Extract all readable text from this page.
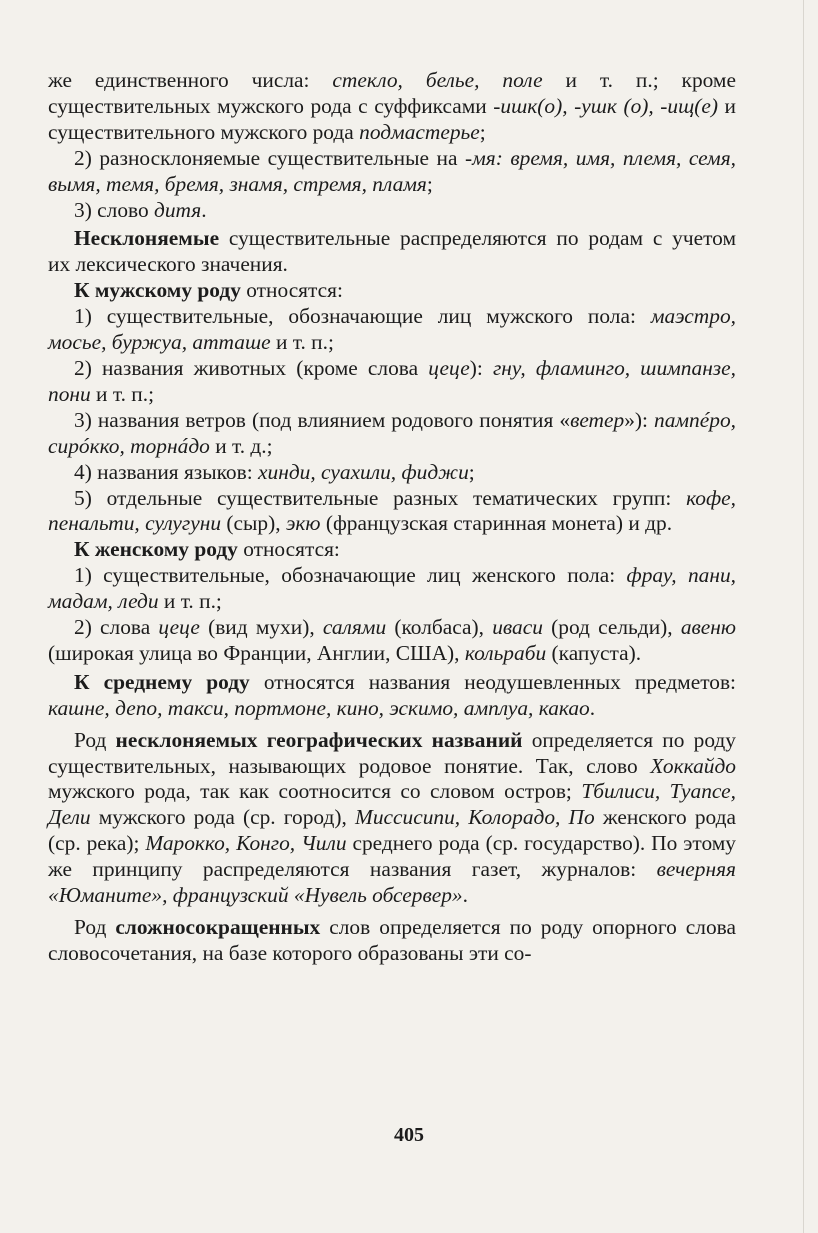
же единственного числа: стекло, белье, поле и т. п.; кроме существительных мужского рода с суффиксами -ишк(о), -ушк (о), -ищ(е) и существительного мужского рода подмастерье;

2) разносклоняемые существительные на -мя: время, имя, племя, семя, вымя, темя, бремя, знамя, стремя, пламя;

3) слово дитя.

Несклоняемые существительные распределяются по родам с учетом их лексического значения.

К мужскому роду относятся:

1) существительные, обозначающие лиц мужского пола: маэстро, мосье, буржуа, атташе и т. п.;

2) названия животных (кроме слова цеце): гну, фламинго, шимпанзе, пони и т. п.;

3) названия ветров (под влиянием родового понятия «ветер»): пампéро, сирóкко, торнáдо и т. д.;

4) названия языков: хинди, суахили, фиджи;

5) отдельные существительные разных тематических групп: кофе, пенальти, сулугуни (сыр), экю (французская старинная монета) и др.

К женскому роду относятся:

1) существительные, обозначающие лиц женского пола: фрау, пани, мадам, леди и т. п.;

2) слова цеце (вид мухи), салями (колбаса), иваси (род сельди), авеню (широкая улица во Франции, Англии, США), кольраби (капуста).

К среднему роду относятся названия неодушевленных предметов: кашне, депо, такси, портмоне, кино, эскимо, амплуа, какао.

Род несклоняемых географических названий определяется по роду существительных, называющих родовое понятие. Так, слово Хоккайдо мужского рода, так как соотносится со словом остров; Тбилиси, Туапсе, Дели мужского рода (ср. город), Миссисипи, Колорадо, По женского рода (ср. река); Марокко, Конго, Чили среднего рода (ср. государство). По этому же принципу распределяются названия газет, журналов: вечерняя «Юманите», французский «Нувель обсервер».

Род сложносокращенных слов определяется по роду опорного слова словосочетания, на базе которого образованы эти со-

405
